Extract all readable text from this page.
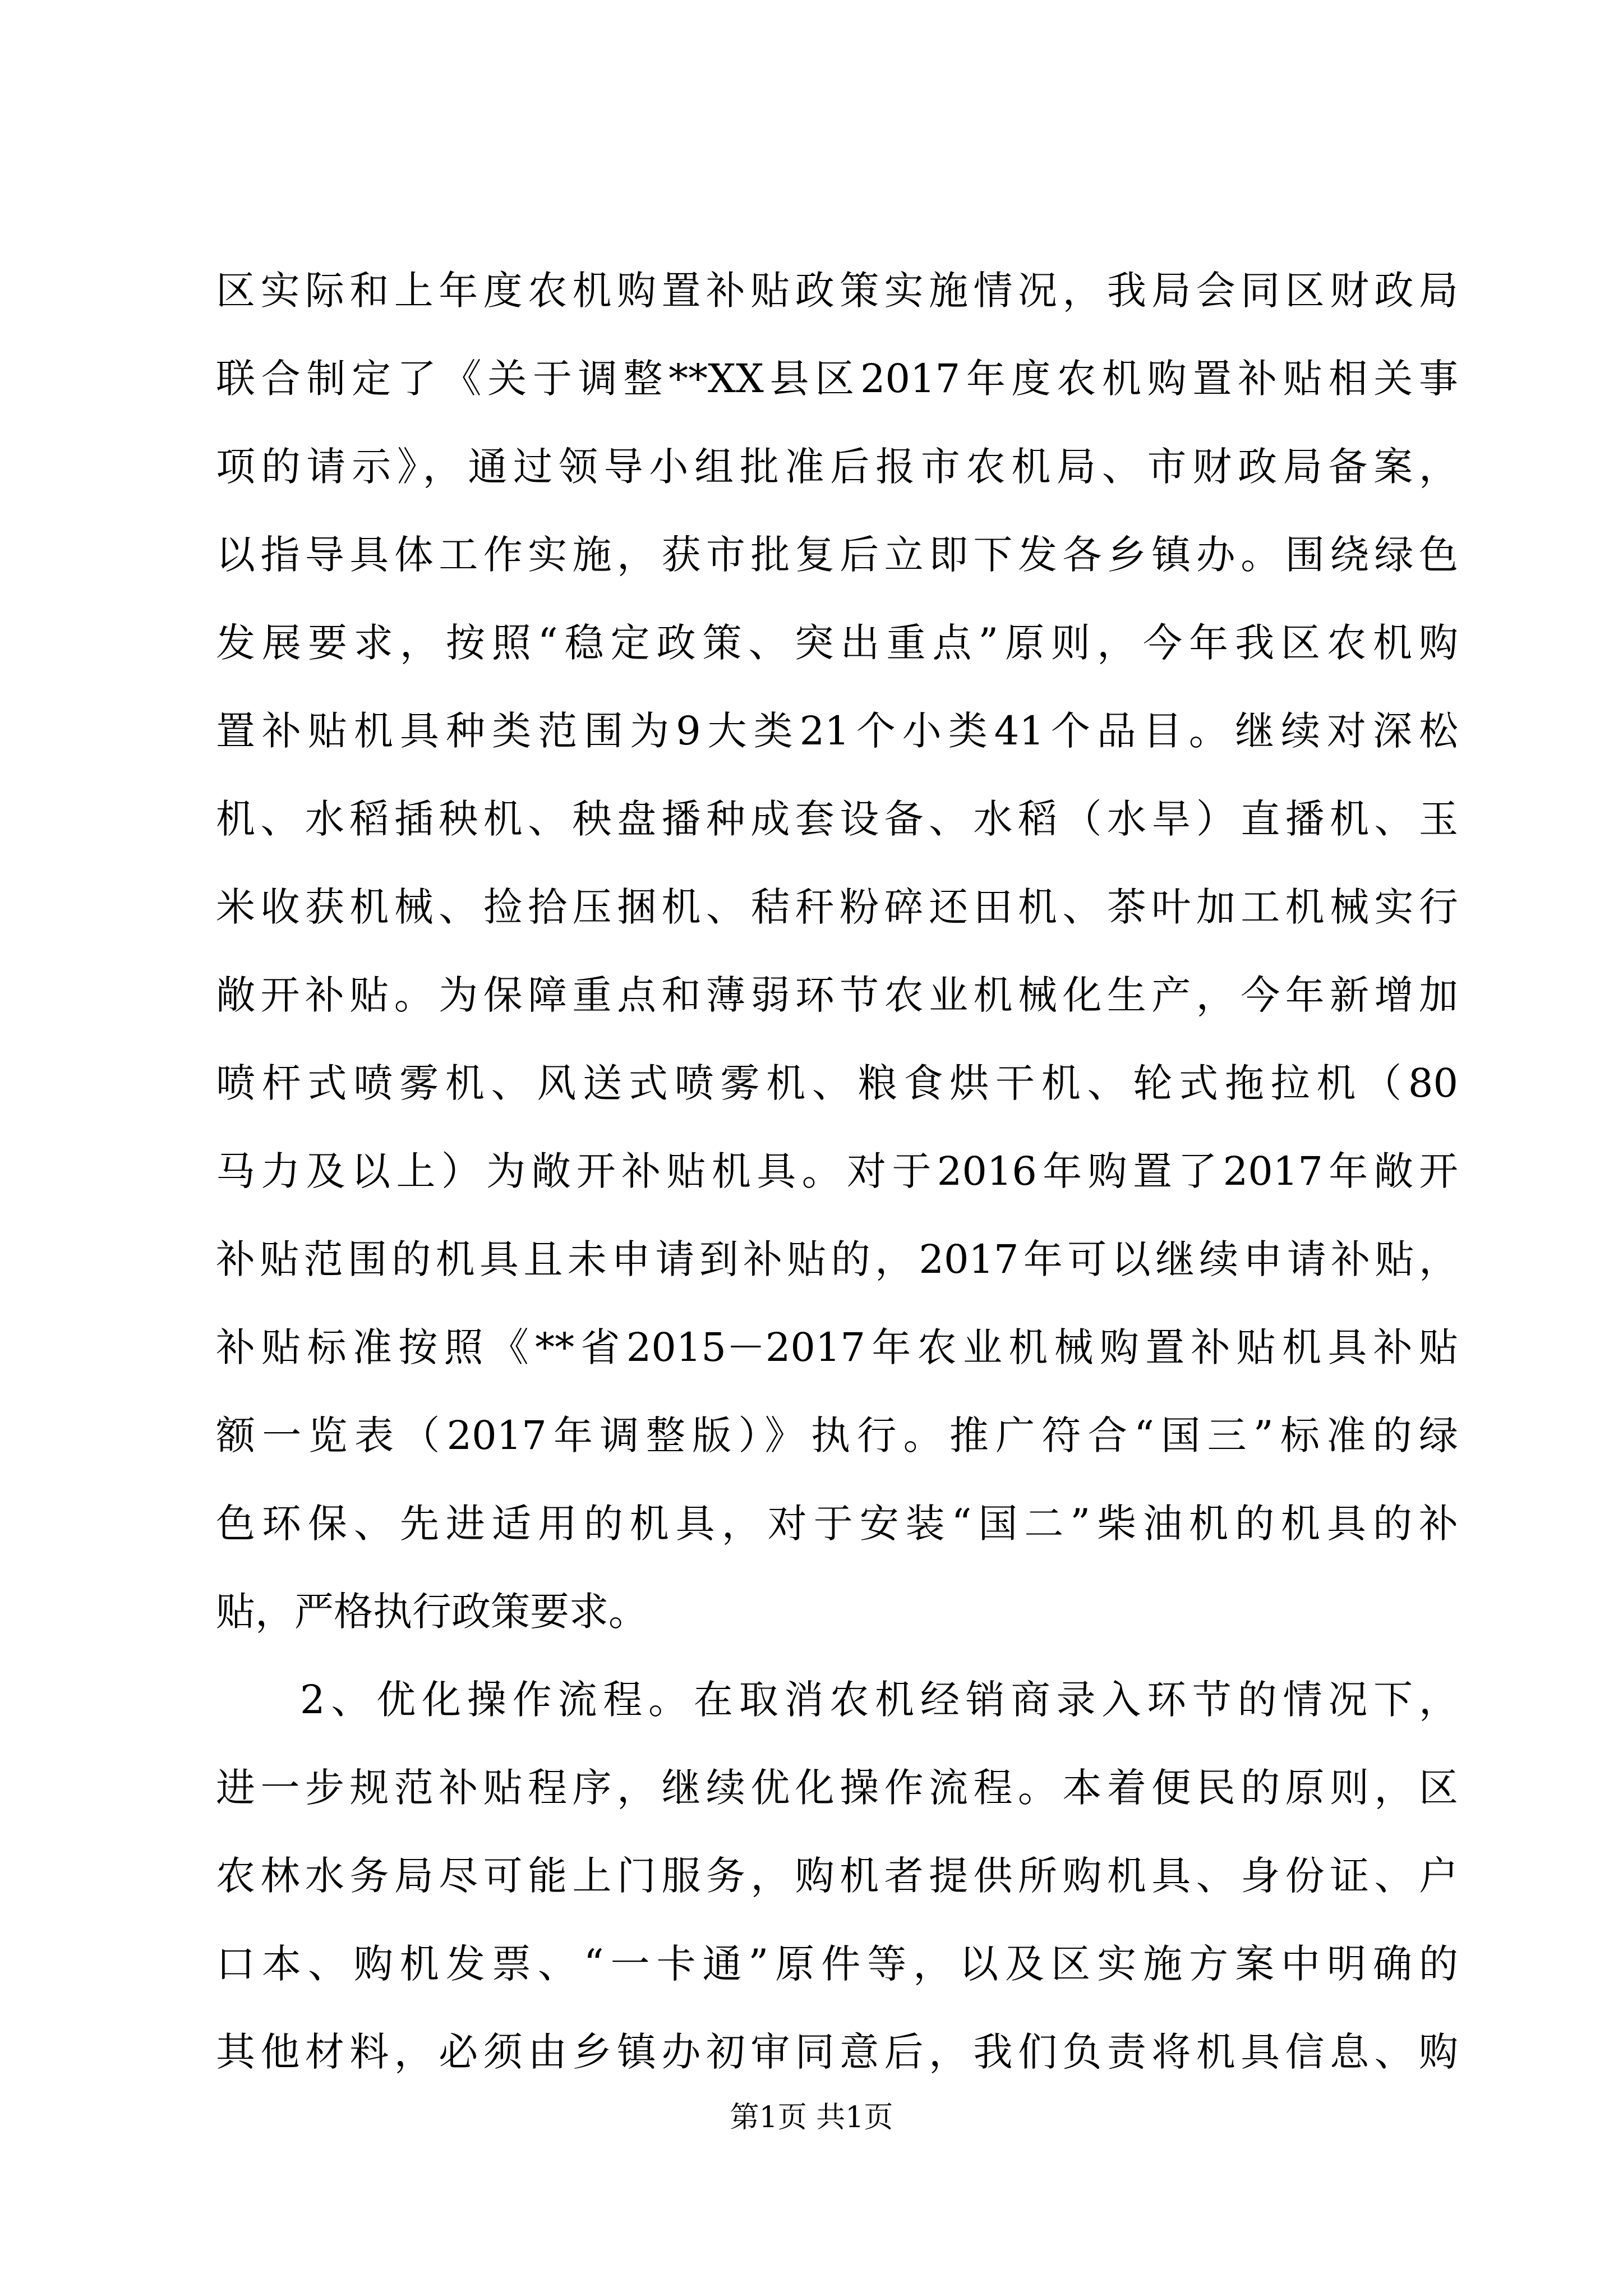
区实际和上年度农机购置补贴政策实施情况，我局会同区财政局
联合制定了《关于调整**XX县区2017年度农机购置补贴相关事
项的请示》，通过领导小组批准后报市农机局、市财政局备案，
以指导具体工作实施，获市批复后立即下发各乡镇办。围绕绿色
发展要求，按照“稳定政策、突出重点”原则，今年我区农机购
置补贴机具种类范围为9大类21个小类41个品目。继续对深松
机、水稻插秧机、秧盘播种成套设备、水稻（水旱）直播机、玉
米收获机械、捡拾压捆机、秸秆粉碎还田机、茶叶加工机械实行
敞开补贴。为保障重点和薄弱环节农业机械化生产，今年新增加
喷杆式喷雾机、风送式喷雾机、粮食烘干机、轮式拖拉机（80
马力及以上）为敞开补贴机具。对于2016年购置了2017年敞开
补贴范围的机具且未申请到补贴的，2017年可以继续申请补贴，
补贴标准按照《**省2015－2017年农业机械购置补贴机具补贴
额一览表（2017年调整版）》执行。推广符合“国三”标准的绿
色环保、先进适用的机具，对于安装“国二”柴油机的机具的补
贴，严格执行政策要求。
2、优化操作流程。在取消农机经销商录入环节的情况下，
进一步规范补贴程序，继续优化操作流程。本着便民的原则，区
农林水务局尽可能上门服务，购机者提供所购机具、身份证、户
口本、购机发票、“一卡通”原件等，以及区实施方案中明确的
其他材料，必须由乡镇办初审同意后，我们负责将机具信息、购
第1页 共1页
